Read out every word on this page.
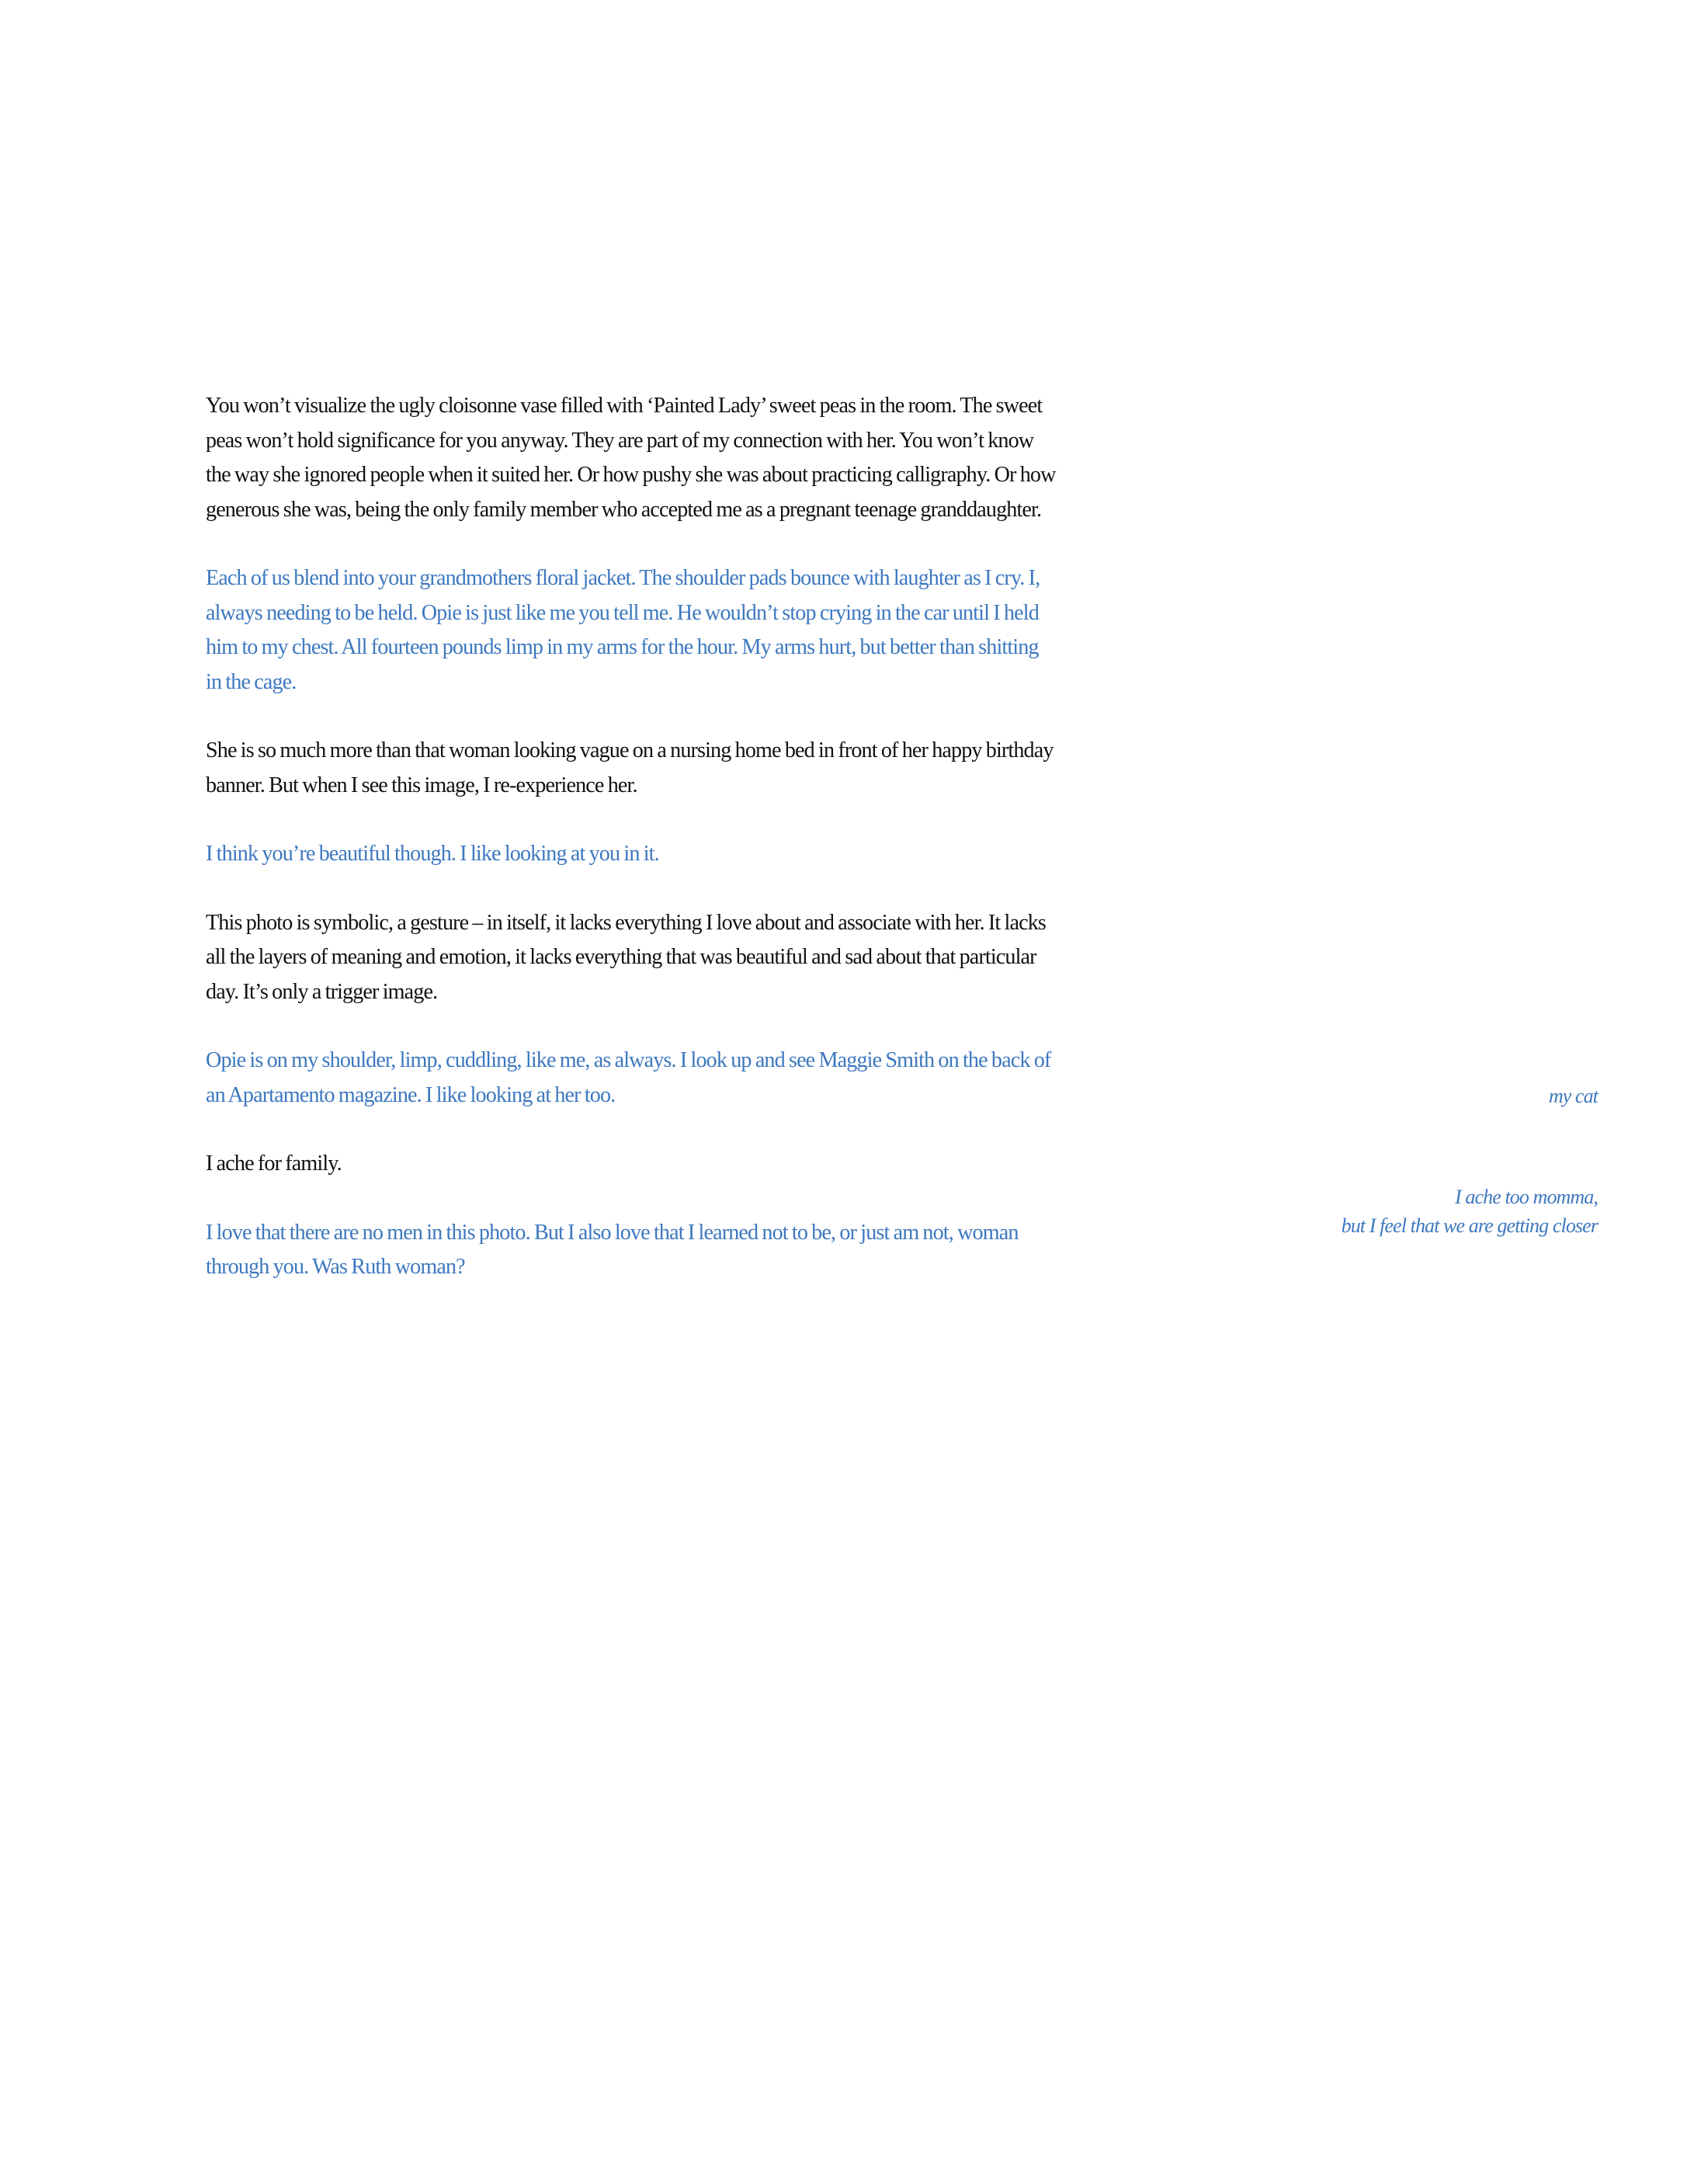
You won’t visualize the ugly cloisonne vase filled with ‘Painted Lady’ sweet peas in the room. The sweet peas won’t hold significance for you anyway. They are part of my connection with her. You won’t know the way she ignored people when it suited her. Or how pushy she was about practicing calligraphy. Or how generous she was, being the only family member who accepted me as a pregnant teenage granddaughter.

Each of us blend into your grandmothers floral jacket. The shoulder pads bounce with laughter as I cry. I, always needing to be held. Opie is just like me you tell me. He wouldn’t stop crying in the car until I held him to my chest. All fourteen pounds limp in my arms for the hour. My arms hurt, but better than shitting in the cage.

She is so much more than that woman looking vague on a nursing home bed in front of her happy birthday banner. But when I see this image, I re-experience her.

I think you’re beautiful though. I like looking at you in it.

This photo is symbolic, a gesture – in itself, it lacks everything I love about and associate with her. It lacks all the layers of meaning and emotion, it lacks everything that was beautiful and sad about that particular day. It’s only a trigger image.

Opie is on my shoulder, limp, cuddling, like me, as always. I look up and see Maggie Smith on the back of an Apartamento magazine. I like looking at her too.

I ache for family.

I love that there are no men in this photo. But I also love that I learned not to be, or just am not, woman through you. Was Ruth woman?

my cat
I ache too momma,
but I feel that we are getting closer
